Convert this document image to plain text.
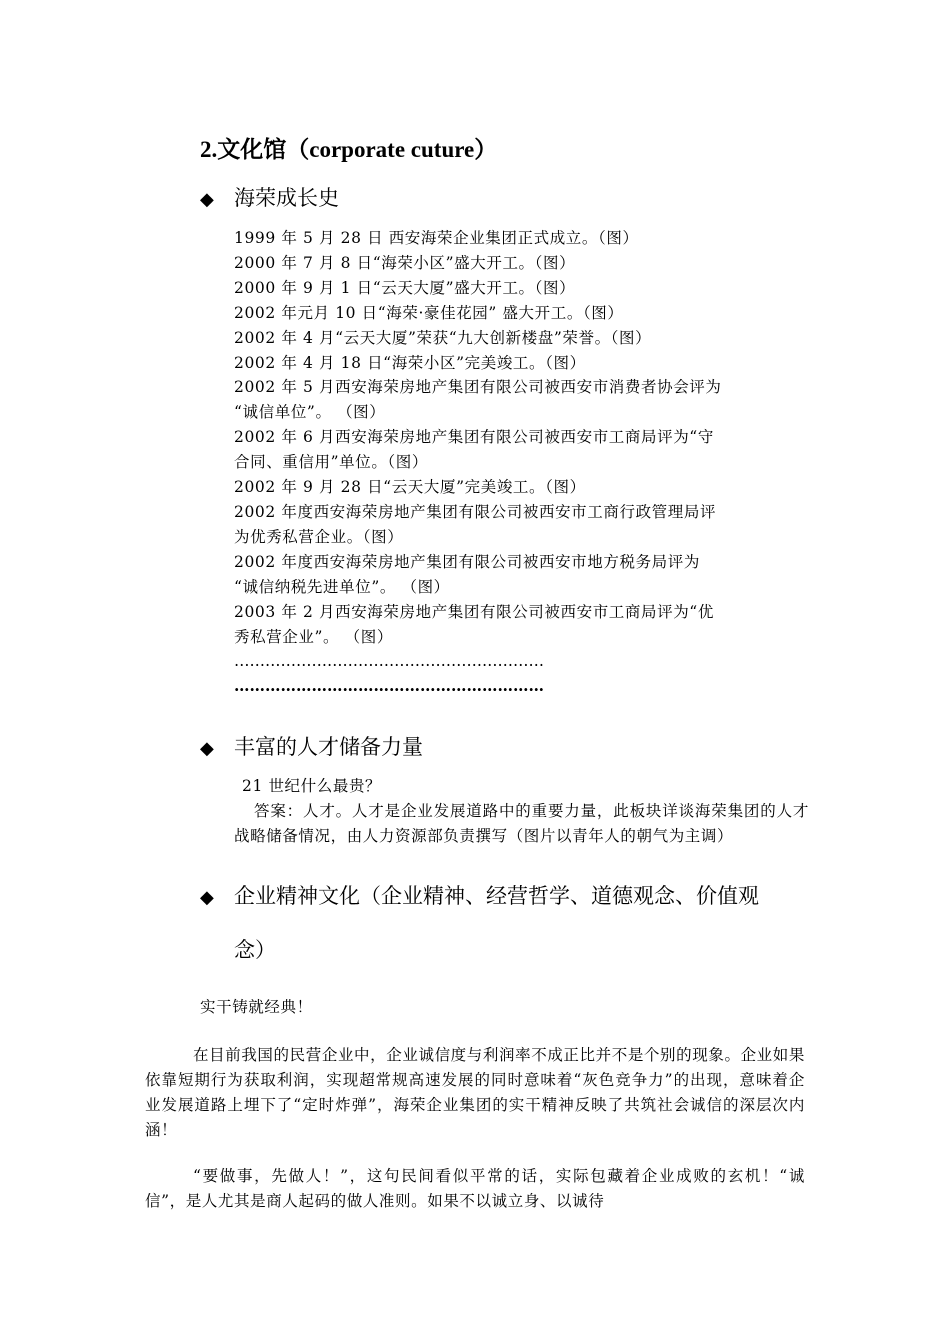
2.文化馆（corporate cuture）
◆ 海荣成长史
1999 年 5 月 28 日 西安海荣企业集团正式成立。（图）
2000 年 7 月 8 日“海荣小区”盛大开工。（图）
2000 年 9 月 1 日“云天大厦”盛大开工。（图）
2002 年元月 10 日“海荣·豪佳花园” 盛大开工。（图）
2002 年 4 月“云天大厦”荣获“九大创新楼盘”荣誉。（图）
2002 年 4 月 18 日“海荣小区”完美竣工。（图）
2002 年 5 月西安海荣房地产集团有限公司被西安市消费者协会评为
“诚信单位”。 （图）
2002 年 6 月西安海荣房地产集团有限公司被西安市工商局评为“守
合同、重信用”单位。（图）
2002 年 9 月 28 日“云天大厦”完美竣工。（图）
2002 年度西安海荣房地产集团有限公司被西安市工商行政管理局评
为优秀私营企业。（图）
2002 年度西安海荣房地产集团有限公司被西安市地方税务局评为
“诚信纳税先进单位”。 （图）
2003 年 2 月西安海荣房地产集团有限公司被西安市工商局评为“优
秀私营企业”。 （图）
……………………………………………………
……………………………………………………
◆ 丰富的人才储备力量
21 世纪什么最贵？
答案：人才。人才是企业发展道路中的重要力量，此板块详谈海荣集团的人才战略储备情况，由人力资源部负责撰写（图片以青年人的朝气为主调）
◆ 企业精神文化（企业精神、经营哲学、道德观念、价值观
念）
实干铸就经典！
在目前我国的民营企业中，企业诚信度与利润率不成正比并不是个别的现象。企业如果依靠短期行为获取利润，实现超常规高速发展的同时意味着“灰色竞争力”的出现，意味着企业发展道路上埋下了“定时炸弹”，海荣企业集团的实干精神反映了共筑社会诚信的深层次内涵！
“要做事，先做人！”，这句民间看似平常的话，实际包藏着企业成败的玄机！“诚信”，是人尤其是商人起码的做人准则。如果不以诚立身、以诚待
